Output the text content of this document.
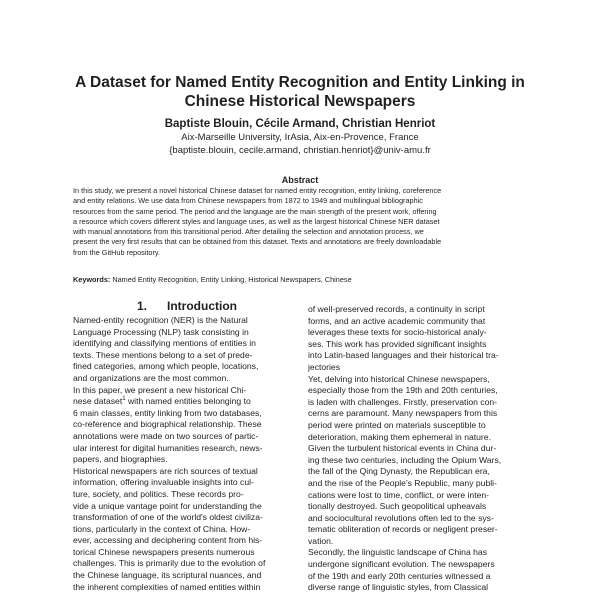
A Dataset for Named Entity Recognition and Entity Linking in
Chinese Historical Newspapers
Baptiste Blouin, Cécile Armand, Christian Henriot
Aix-Marseille University, IrAsia, Aix-en-Provence, France
{baptiste.blouin, cecile.armand, christian.henriot}@univ-amu.fr
Abstract
In this study, we present a novel historical Chinese dataset for named entity recognition, entity linking, coreference
and entity relations. We use data from Chinese newspapers from 1872 to 1949 and multilingual bibliographic
resources from the same period. The period and the language are the main strength of the present work, offering
a resource which covers different styles and language uses, as well as the largest historical Chinese NER dataset
with manual annotations from this transitional period. After detailing the selection and annotation process, we
present the very first results that can be obtained from this dataset. Texts and annotations are freely downloadable
from the GitHub repository.
Keywords: Named Entity Recognition, Entity Linking, Historical Newspapers, Chinese
1. Introduction
Named-entity recognition (NER) is the Natural
Language Processing (NLP) task consisting in
identifying and classifying mentions of entities in
texts. These mentions belong to a set of prede-
fined categories, among which people, locations,
and organizations are the most common.
In this paper, we present a new historical Chi-
nese dataset$^1$ with named entities belonging to
6 main classes, entity linking from two databases,
co-reference and biographical relationship. These
annotations were made on two sources of partic-
ular interest for digital humanities research, news-
papers, and biographies.
Historical newspapers are rich sources of textual
information, offering invaluable insights into cul-
ture, society, and politics. These records pro-
vide a unique vantage point for understanding the
transformation of one of the world's oldest civiliza-
tions, particularly in the context of China. How-
ever, accessing and deciphering content from his-
torical Chinese newspapers presents numerous
challenges. This is primarily due to the evolution of
the Chinese language, its scriptural nuances, and
the inherent complexities of named entities within
of well-preserved records, a continuity in script
forms, and an active academic community that
leverages these texts for socio-historical analy-
ses. This work has provided significant insights
into Latin-based languages and their historical tra-
jectories
Yet, delving into historical Chinese newspapers,
especially those from the 19th and 20th centuries,
is laden with challenges. Firstly, preservation con-
cerns are paramount. Many newspapers from this
period were printed on materials susceptible to
deterioration, making them ephemeral in nature.
Given the turbulent historical events in China dur-
ing these two centuries, including the Opium Wars,
the fall of the Qing Dynasty, the Republican era,
and the rise of the People's Republic, many publi-
cations were lost to time, conflict, or were inten-
tionally destroyed. Such geopolitical upheavals
and sociocultural revolutions often led to the sys-
tematic obliteration of records or negligent preser-
vation.
Secondly, the linguistic landscape of China has
undergone significant evolution. The newspapers
of the 19th and early 20th centuries witnessed a
diverse range of linguistic styles, from Classical
